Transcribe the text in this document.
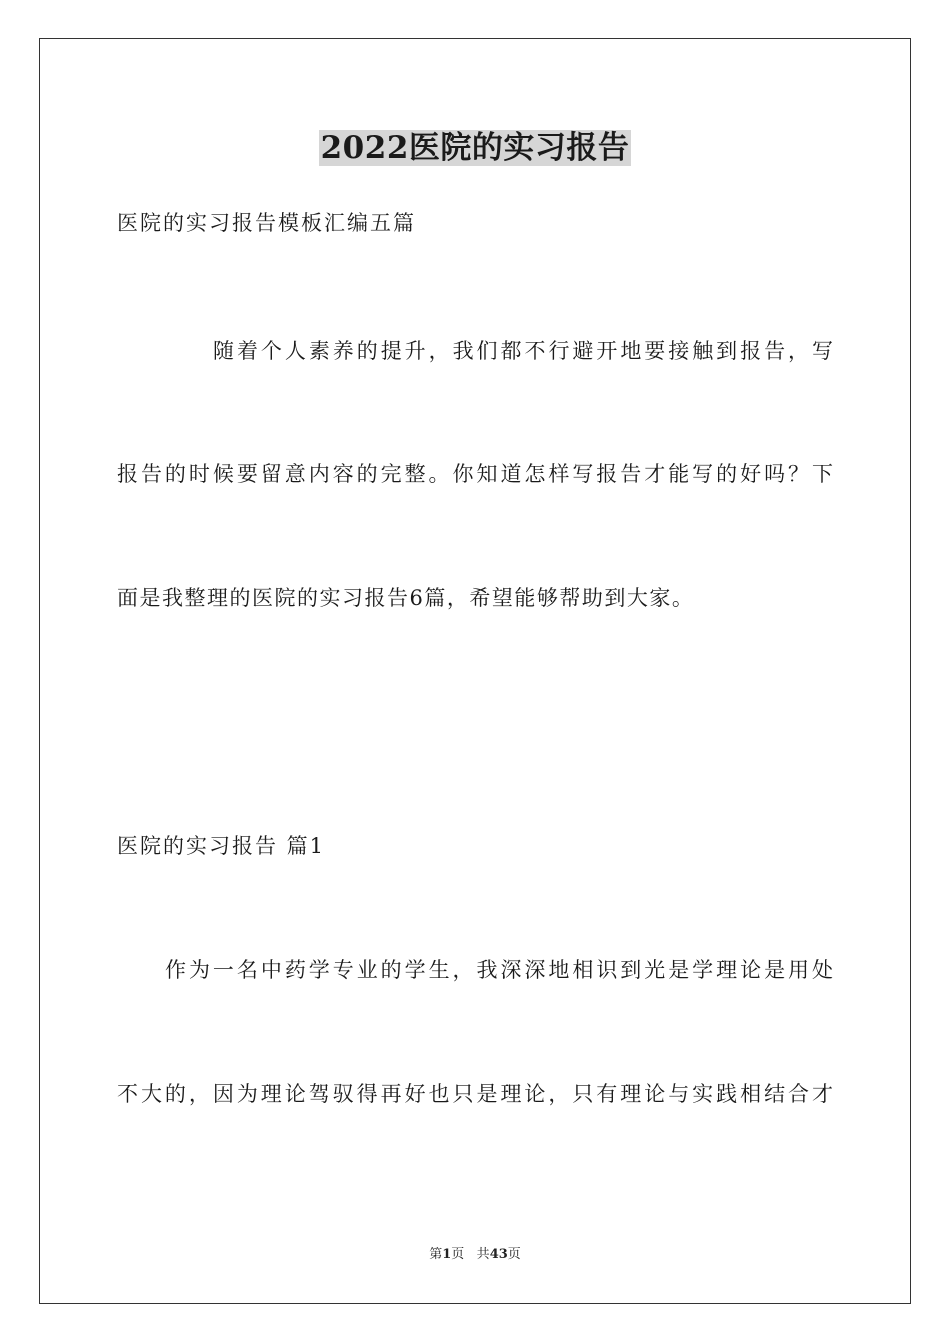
2022医院的实习报告
医院的实习报告模板汇编五篇
随着个人素养的提升，我们都不行避开地要接触到报告，写
报告的时候要留意内容的完整。你知道怎样写报告才能写的好吗？下
面是我整理的医院的实习报告6篇，希望能够帮助到大家。
医院的实习报告 篇1
作为一名中药学专业的学生，我深深地相识到光是学理论是用处
不大的，因为理论驾驭得再好也只是理论，只有理论与实践相结合才
第1页 共43页
